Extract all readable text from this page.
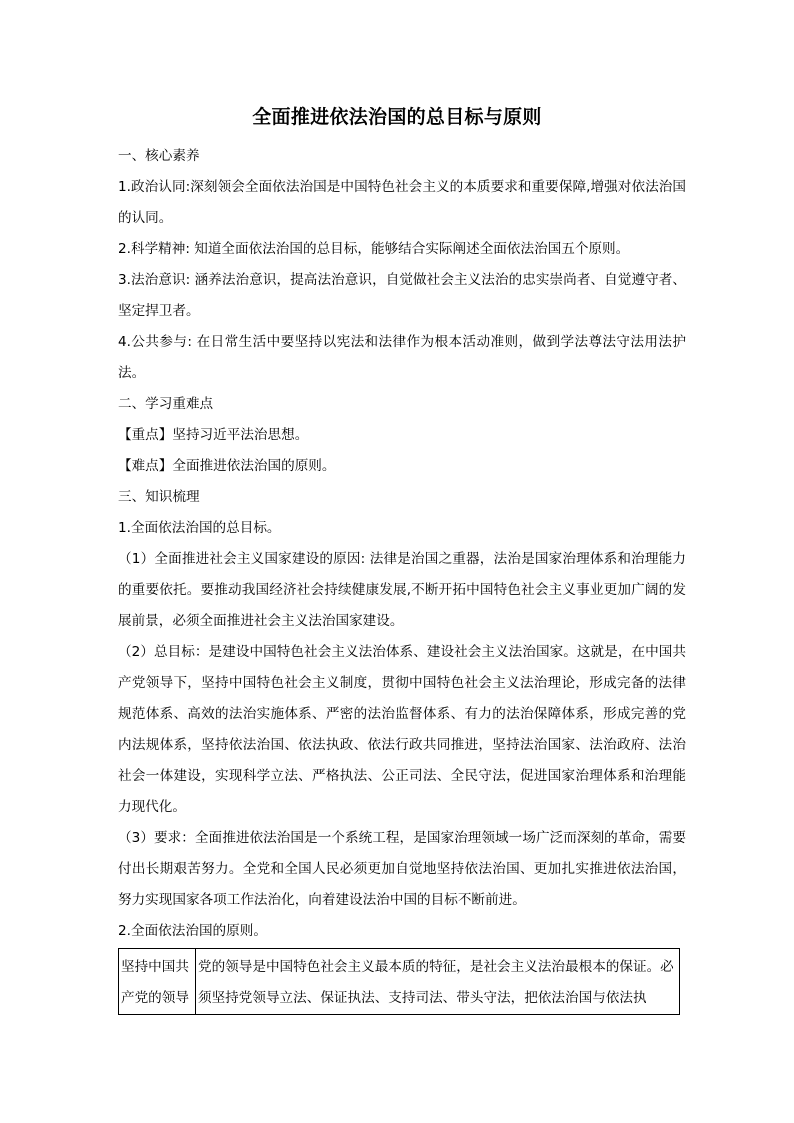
全面推进依法治国的总目标与原则

一、核心素养

1.政治认同:深刻领会全面依法治国是中国特色社会主义的本质要求和重要保障,增强对依法治国的认同。

2.科学精神: 知道全面依法治国的总目标，能够结合实际阐述全面依法治国五个原则。

3.法治意识: 涵养法治意识，提高法治意识，自觉做社会主义法治的忠实崇尚者、自觉遵守者、坚定捍卫者。

4.公共参与: 在日常生活中要坚持以宪法和法律作为根本活动准则，做到学法尊法守法用法护法。

二、学习重难点

【重点】坚持习近平法治思想。

【难点】全面推进依法治国的原则。

三、知识梳理

1.全面依法治国的总目标。

（1）全面推进社会主义国家建设的原因: 法律是治国之重器，法治是国家治理体系和治理能力的重要依托。要推动我国经济社会持续健康发展,不断开拓中国特色社会主义事业更加广阔的发展前景，必须全面推进社会主义法治国家建设。

（2）总目标：是建设中国特色社会主义法治体系、建设社会主义法治国家。这就是，在中国共产党领导下，坚持中国特色社会主义制度，贯彻中国特色社会主义法治理论，形成完备的法律规范体系、高效的法治实施体系、严密的法治监督体系、有力的法治保障体系，形成完善的党内法规体系，坚持依法治国、依法执政、依法行政共同推进，坚持法治国家、法治政府、法治社会一体建设，实现科学立法、严格执法、公正司法、全民守法，促进国家治理体系和治理能力现代化。

（3）要求：全面推进依法治国是一个系统工程，是国家治理领域一场广泛而深刻的革命，需要付出长期艰苦努力。全党和全国人民必须更加自觉地坚持依法治国、更加扎实推进依法治国，努力实现国家各项工作法治化，向着建设法治中国的目标不断前进。

2.全面依法治国的原则。

坚持中国共产党的领导	党的领导是中国特色社会主义最本质的特征，是社会主义法治最根本的保证。必须坚持党领导立法、保证执法、支持司法、带头守法，把依法治国与依法执
